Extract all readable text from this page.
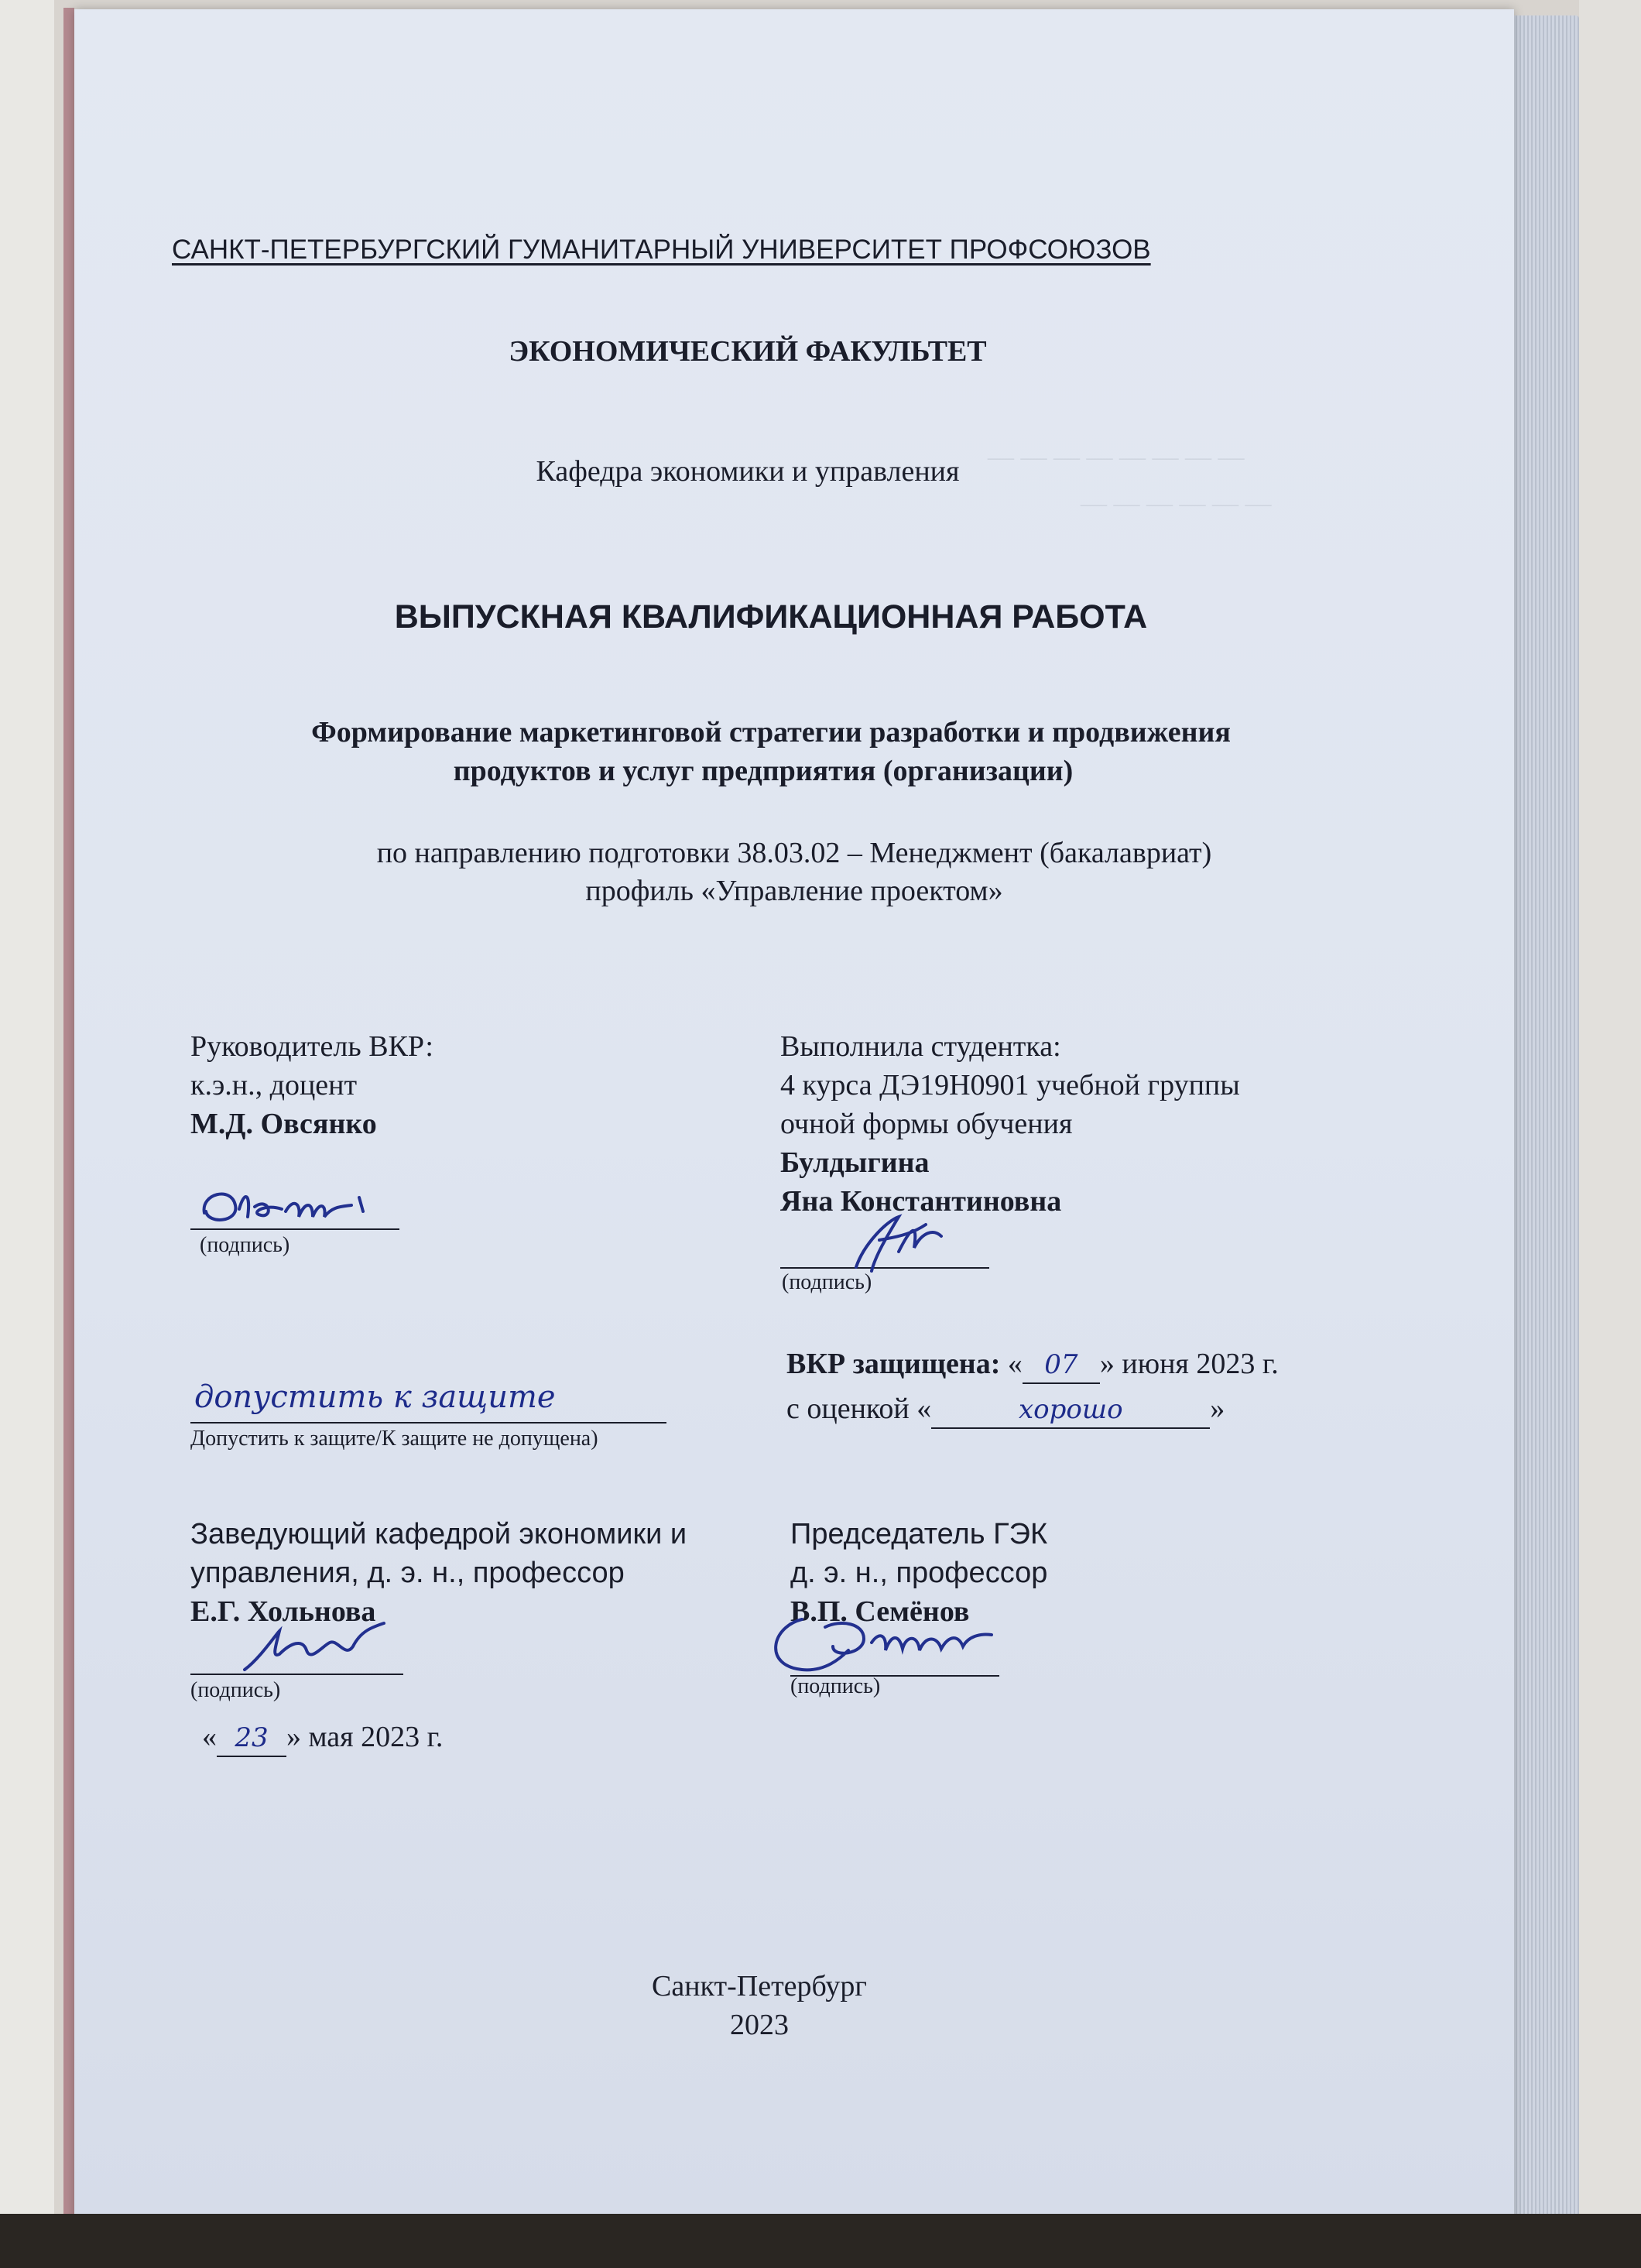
— — — — — — — —
— — — — — —
САНКТ-ПЕТЕРБУРГСКИЙ ГУМАНИТАРНЫЙ УНИВЕРСИТЕТ ПРОФСОЮЗОВ
ЭКОНОМИЧЕСКИЙ ФАКУЛЬТЕТ
Кафедра экономики и управления
ВЫПУСКНАЯ КВАЛИФИКАЦИОННАЯ РАБОТА
Формирование маркетинговой стратегии разработки и продвижения
продуктов и услуг предприятия (организации)
по направлению подготовки 38.03.02 – Менеджмент (бакалавриат)
профиль «Управление проектом»
Руководитель ВКР:
к.э.н., доцент
М.Д. Овсянко
(подпись)
Выполнила студентка:
4 курса ДЭ19Н0901 учебной группы
очной формы обучения
Булдыгина
Яна Константиновна
(подпись)
ВКР защищена: « 07 » июня 2023 г.
с оценкой «	хорошо	»
допустить к защите
Допустить к защите/К защите не допущена)
Заведующий кафедрой экономики и
управления, д. э. н., профессор
Е.Г. Хольнова
(подпись)
« 23 » мая 2023 г.
Председатель ГЭК
д. э. н., профессор
В.П. Семёнов
(подпись)
Санкт-Петербург
2023
